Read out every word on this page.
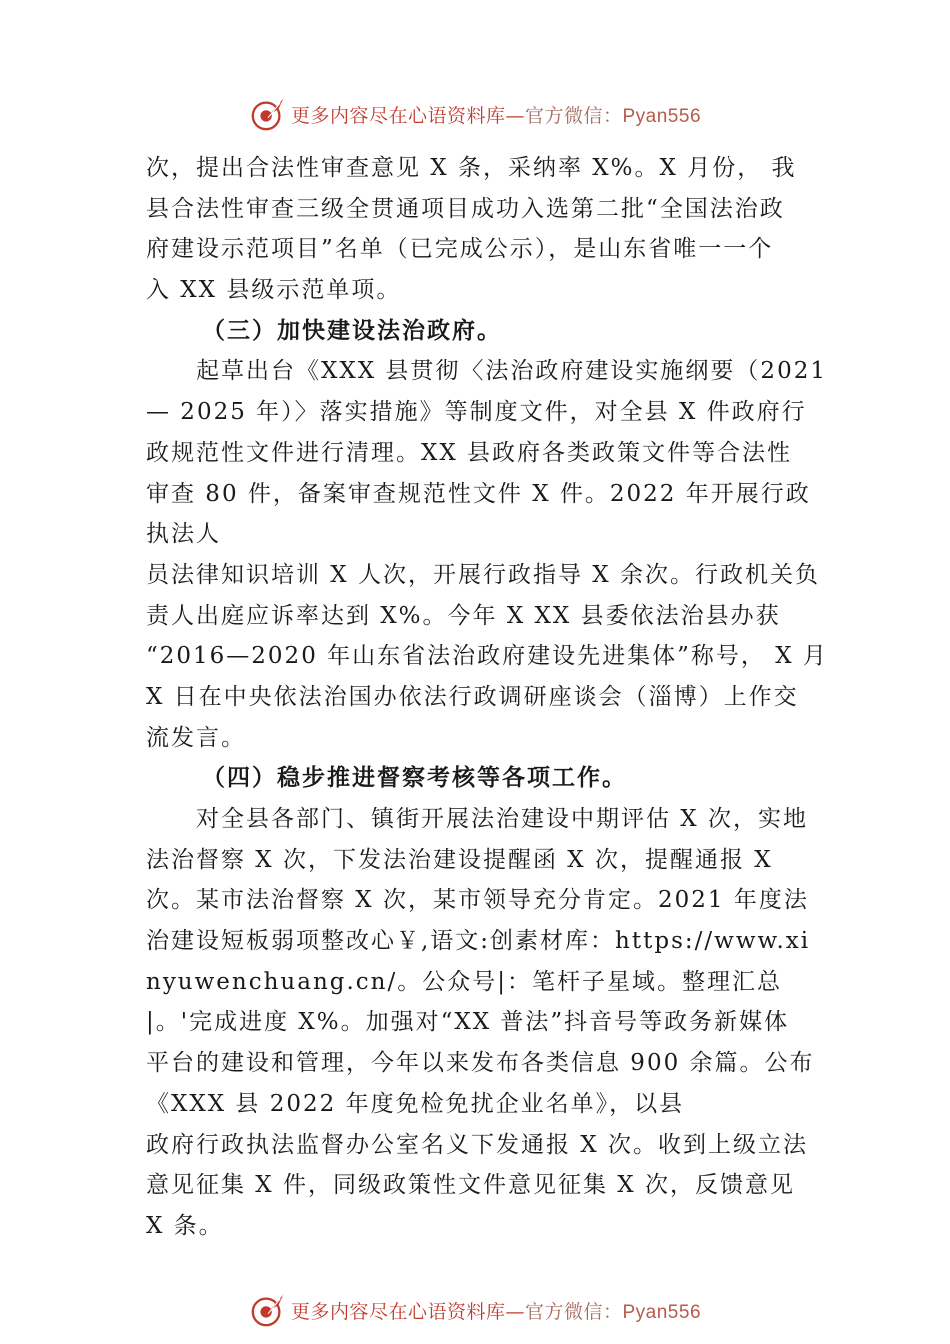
更多内容尽在心语资料库—官方微信：Pyan556
次，提出合法性审查意见 X 条，采纳率 X%。X 月份， 我
县合法性审查三级全贯通项目成功入选第二批“全国法治政
府建设示范项目”名单（已完成公示），是山东省唯一一个
入 XX 县级示范单项。
（三）加快建设法治政府。
起草出台《XXX 县贯彻〈法治政府建设实施纲要（2021
— 2025 年）〉落实措施》等制度文件，对全县 X 件政府行
政规范性文件进行清理。XX 县政府各类政策文件等合法性
审查 80 件，备案审查规范性文件 X 件。2022 年开展行政
执法人
员法律知识培训 X 人次，开展行政指导 X 余次。行政机关负
责人出庭应诉率达到 X%。今年 X XX 县委依法治县办获
“2016—2020 年山东省法治政府建设先进集体”称号， X 月
X 日在中央依法治国办依法行政调研座谈会（淄博）上作交
流发言。
（四）稳步推进督察考核等各项工作。
对全县各部门、镇街开展法治建设中期评估 X 次，实地
法治督察 X 次，下发法治建设提醒函 X 次，提醒通报 X
次。某市法治督察 X 次，某市领导充分肯定。2021 年度法
治建设短板弱项整改心￥,语文:创素材库：https://www.xi
nyuwenchuang.cn/。公众号|：笔杆子星域。整理汇总
|。'完成进度 X%。加强对“XX 普法”抖音号等政务新媒体
平台的建设和管理，今年以来发布各类信息 900 余篇。公布
《XXX 县 2022 年度免检免扰企业名单》，以县
政府行政执法监督办公室名义下发通报 X 次。收到上级立法
意见征集 X 件，同级政策性文件意见征集 X 次，反馈意见
X 条。
更多内容尽在心语资料库—官方微信：Pyan556
